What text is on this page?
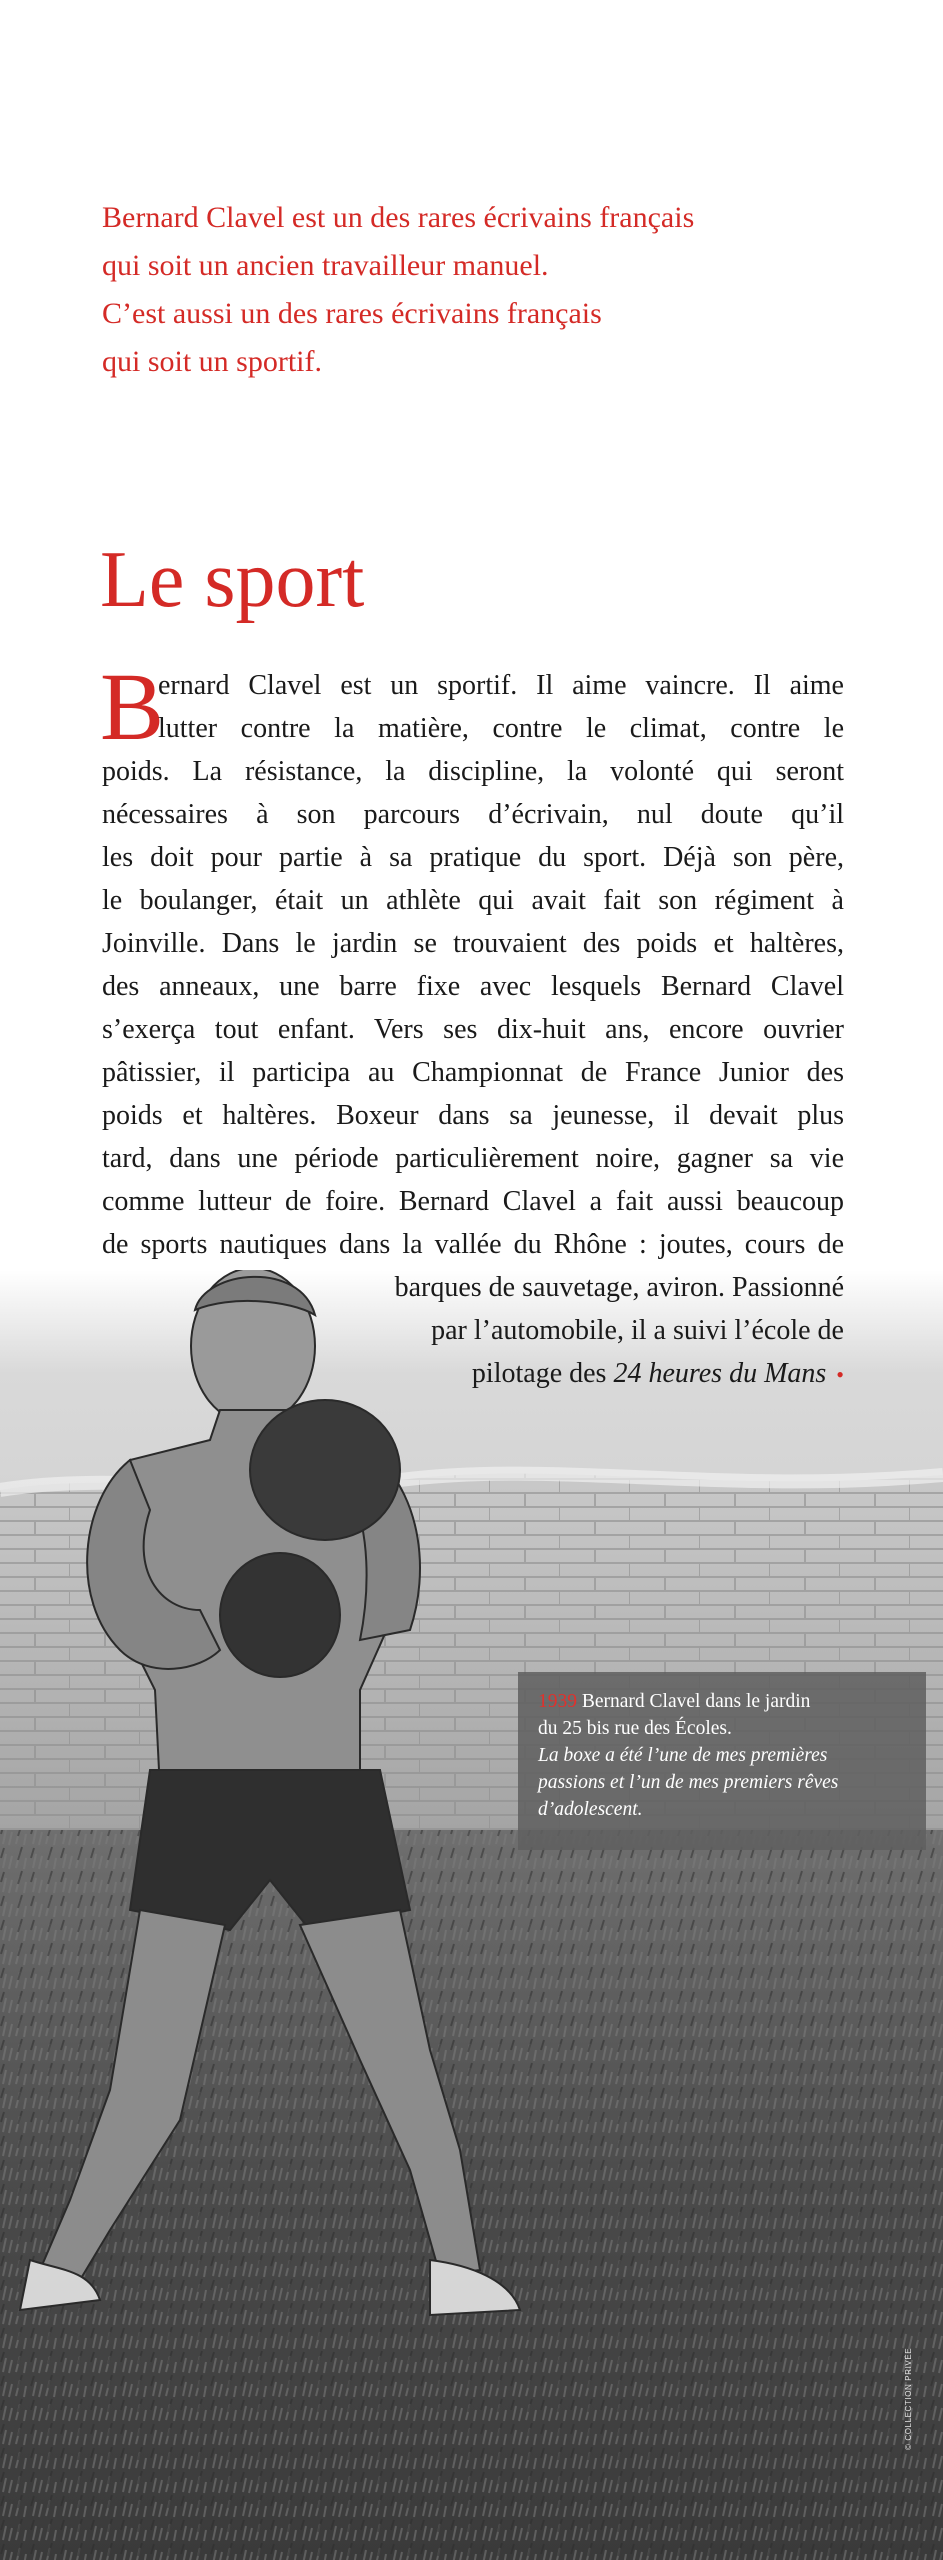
Bernard Clavel est un des rares écrivains français
qui soit un ancien travailleur manuel.
C’est aussi un des rares écrivains français
qui soit un sportif.
Le sport
B
ernard Clavel est un sportif. Il aime vaincre. Il aime
lutter contre la matière, contre le climat, contre le
poids. La résistance, la discipline, la volonté qui seront
nécessaires à son parcours d’écrivain, nul doute qu’il
les doit pour partie à sa pratique du sport. Déjà son père,
le boulanger, était un athlète qui avait fait son régiment à
Joinville. Dans le jardin se trouvaient des poids et haltères,
des anneaux, une barre fixe avec lesquels Bernard Clavel
s’exerça tout enfant. Vers ses dix-huit ans, encore ouvrier
pâtissier, il participa au Championnat de France Junior des
poids et haltères. Boxeur dans sa jeunesse, il devait plus
tard, dans une période particulièrement noire, gagner sa vie
comme lutteur de foire. Bernard Clavel a fait aussi beaucoup
de sports nautiques dans la vallée du Rhône : joutes, cours de
barques de sauvetage, aviron. Passionné
par l’automobile, il a suivi l’école de
pilotage des 24 heures du Mans •
1939 Bernard Clavel dans le jardin
du 25 bis rue des Écoles.
La boxe a été l’une de mes premières
passions et l’un de mes premiers rêves
d’adolescent.
© COLLECTION PRIVÉE
